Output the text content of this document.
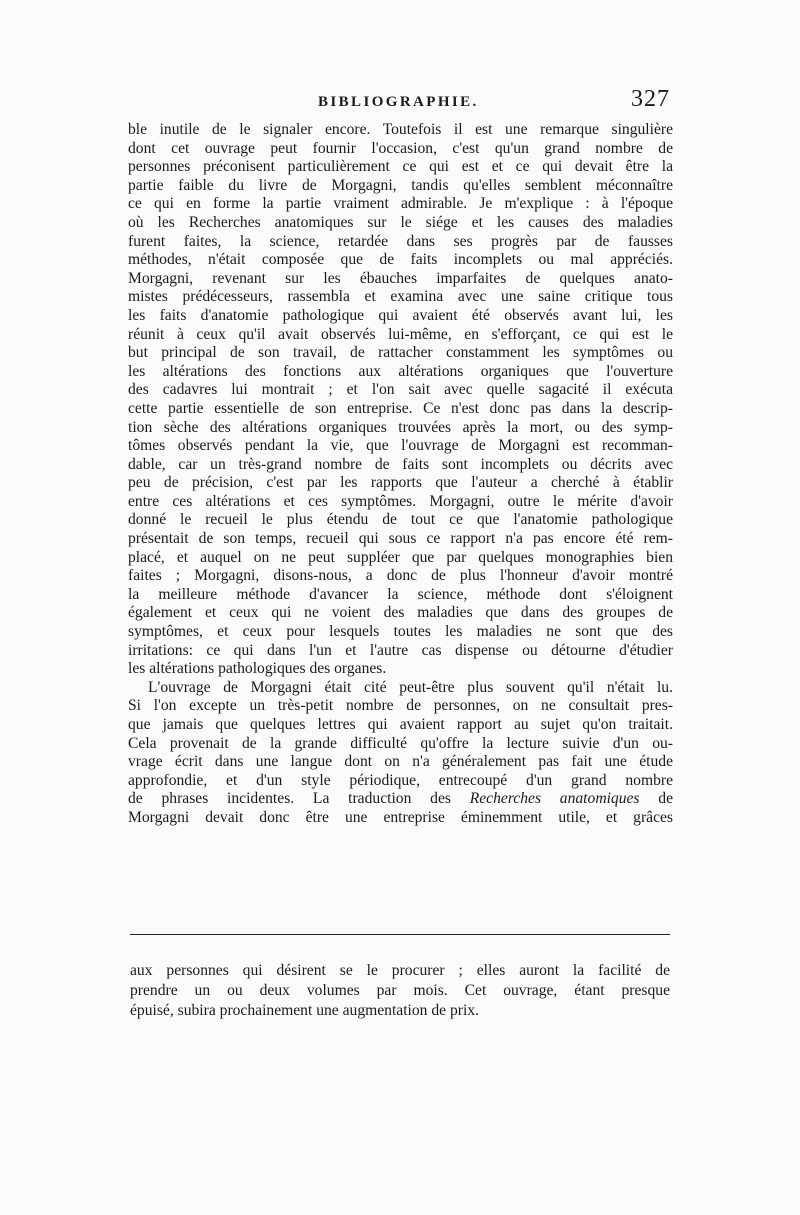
BIBLIOGRAPHIE.	327
ble inutile de le signaler encore. Toutefois il est une remarque singulière
dont cet ouvrage peut fournir l'occasion, c'est qu'un grand nombre de
personnes préconisent particulièrement ce qui est et ce qui devait être la
partie faible du livre de Morgagni, tandis qu'elles semblent méconnaître
ce qui en forme la partie vraiment admirable. Je m'explique : à l'époque
où les Recherches anatomiques sur le siége et les causes des maladies
furent faites, la science, retardée dans ses progrès par de fausses
méthodes, n'était composée que de faits incomplets ou mal appréciés.
Morgagni, revenant sur les ébauches imparfaites de quelques anato-
mistes prédécesseurs, rassembla et examina avec une saine critique tous
les faits d'anatomie pathologique qui avaient été observés avant lui, les
réunit à ceux qu'il avait observés lui-même, en s'efforçant, ce qui est le
but principal de son travail, de rattacher constamment les symptômes ou
les altérations des fonctions aux altérations organiques que l'ouverture
des cadavres lui montrait ; et l'on sait avec quelle sagacité il exécuta
cette partie essentielle de son entreprise. Ce n'est donc pas dans la descrip-
tion sèche des altérations organiques trouvées après la mort, ou des symp-
tômes observés pendant la vie, que l'ouvrage de Morgagni est recomman-
dable, car un très-grand nombre de faits sont incomplets ou décrits avec
peu de précision, c'est par les rapports que l'auteur a cherché à établir
entre ces altérations et ces symptômes. Morgagni, outre le mérite d'avoir
donné le recueil le plus étendu de tout ce que l'anatomie pathologique
présentait de son temps, recueil qui sous ce rapport n'a pas encore été rem-
placé, et auquel on ne peut suppléer que par quelques monographies bien
faites ; Morgagni, disons-nous, a donc de plus l'honneur d'avoir montré
la meilleure méthode d'avancer la science, méthode dont s'éloignent
également et ceux qui ne voient des maladies que dans des groupes de
symptômes, et ceux pour lesquels toutes les maladies ne sont que des
irritations: ce qui dans l'un et l'autre cas dispense ou détourne d'étudier
les altérations pathologiques des organes.
L'ouvrage de Morgagni était cité peut-être plus souvent qu'il n'était lu.
Si l'on excepte un très-petit nombre de personnes, on ne consultait pres-
que jamais que quelques lettres qui avaient rapport au sujet qu'on traitait.
Cela provenait de la grande difficulté qu'offre la lecture suivie d'un ou-
vrage écrit dans une langue dont on n'a généralement pas fait une étude
approfondie, et d'un style périodique, entrecoupé d'un grand nombre
de phrases incidentes. La traduction des Recherches anatomiques de
Morgagni devait donc être une entreprise éminemment utile, et grâces
aux personnes qui désirent se le procurer ; elles auront la facilité de
prendre un ou deux volumes par mois. Cet ouvrage, étant presque
épuisé, subira prochainement une augmentation de prix.
